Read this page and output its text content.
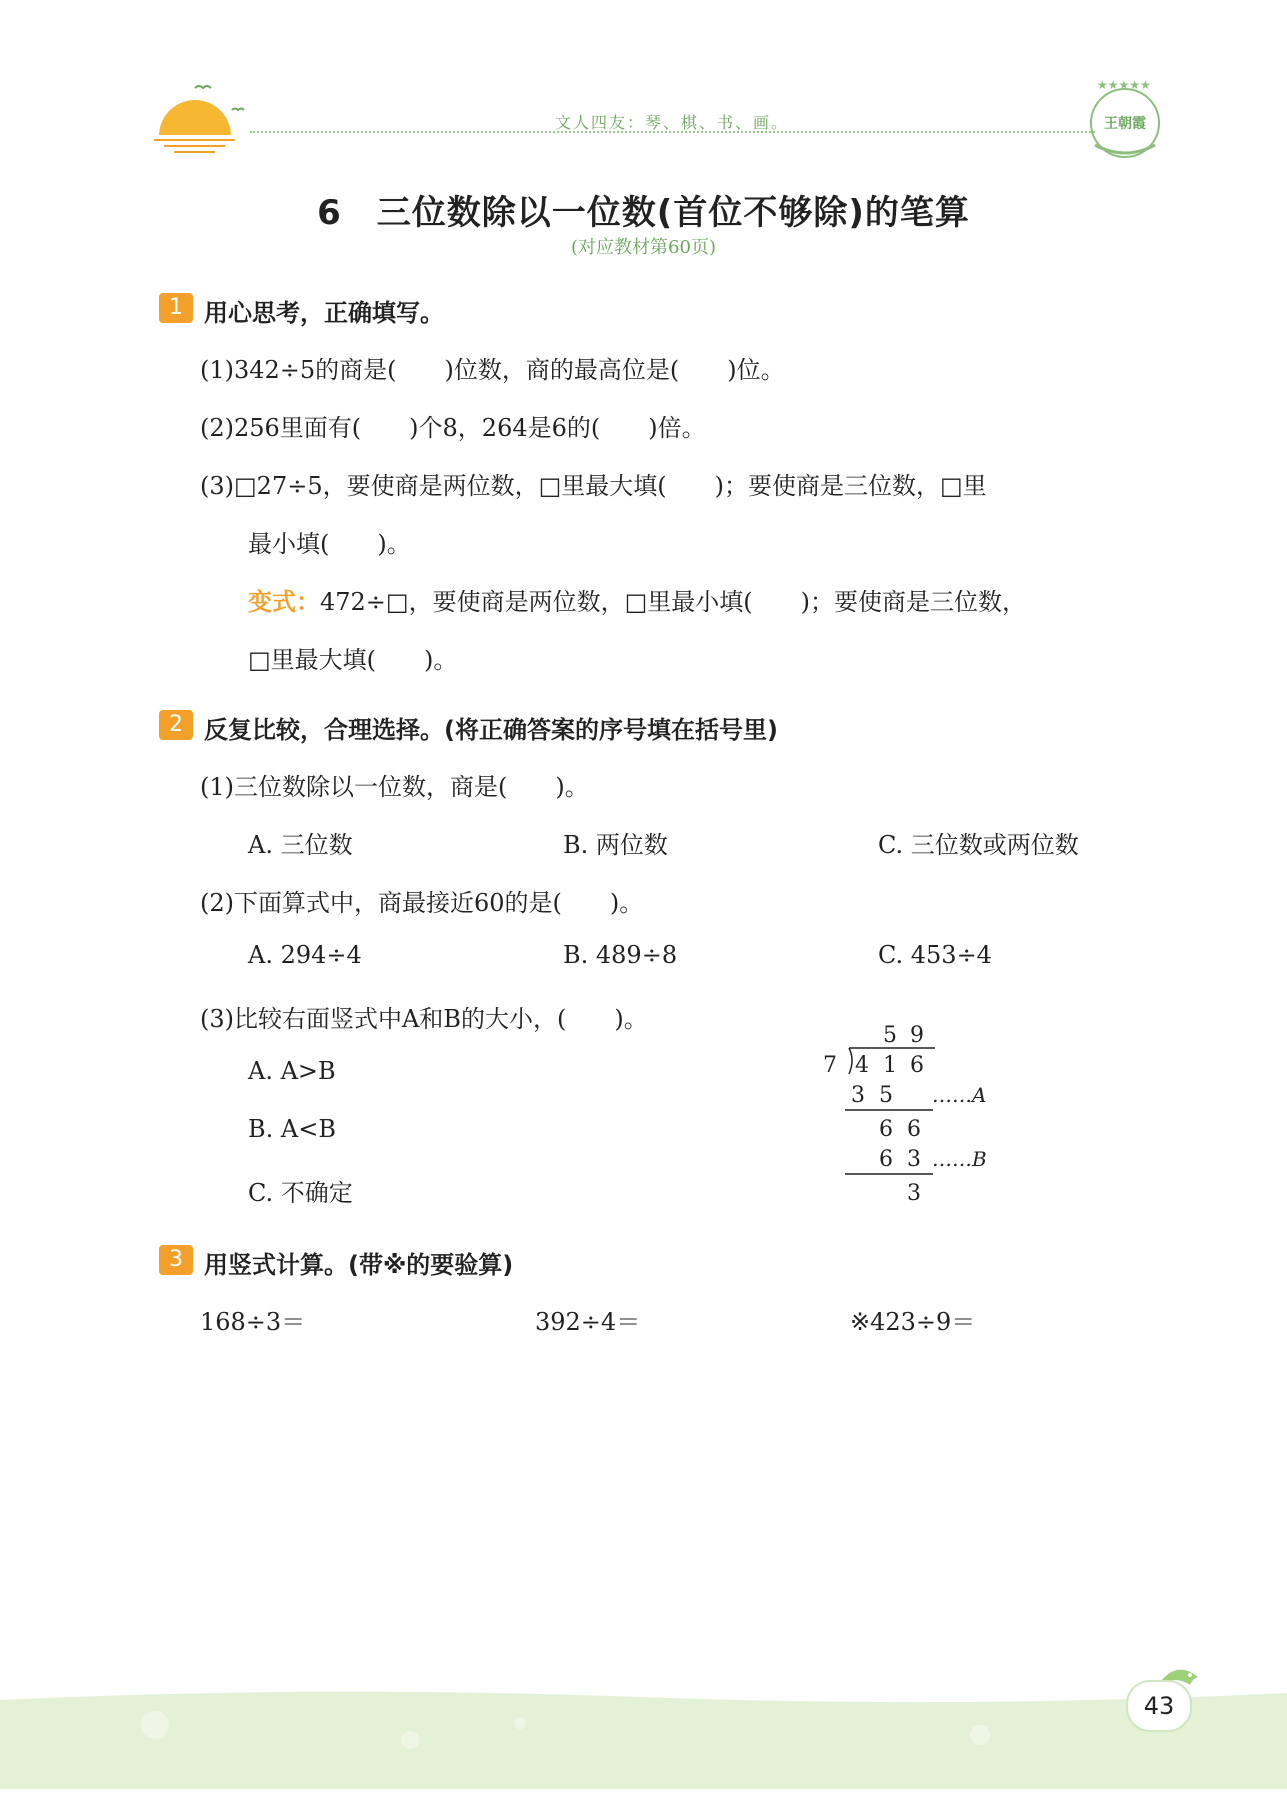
文人四友：琴、棋、书、画。
★★★★★
王朝霞
6　三位数除以一位数(首位不够除)的笔算
(对应教材第60页)
1 用心思考，正确填写。
(1)342÷5的商是(　　)位数，商的最高位是(　　)位。
(2)256里面有(　　)个8，264是6的(　　)倍。
(3)□27÷5，要使商是两位数，□里最大填(　　)；要使商是三位数，□里
最小填(　　)。
变式：472÷□，要使商是两位数，□里最小填(　　)；要使商是三位数，
□里最大填(　　)。
2 反复比较，合理选择。(将正确答案的序号填在括号里)
(1)三位数除以一位数，商是(　　)。
A. 三位数	B. 两位数	C. 三位数或两位数
(2)下面算式中，商最接近60的是(　　)。
A. 294÷4	B. 489÷8	C. 453÷4
(3)比较右面竖式中A和B的大小，(　　)。
A. A>B
B. A<B
C. 不确定
5 9
7 4 1 6
3 5 ……A
6 6
6 3 ……B
3
3 用竖式计算。(带※的要验算)
168÷3＝	392÷4＝	※423÷9＝
43
